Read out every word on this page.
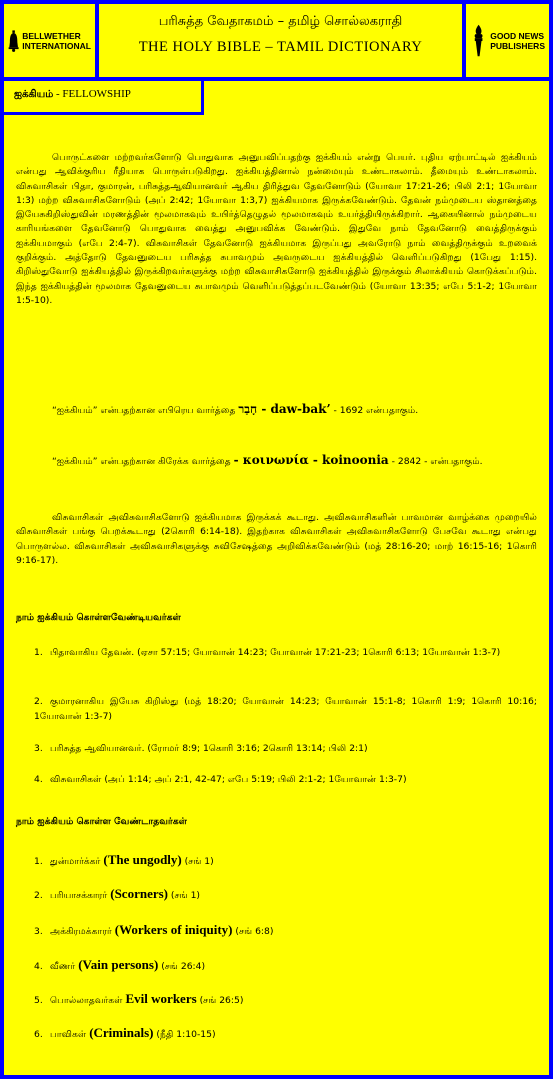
BELLWETHER
INTERNATIONAL
பரிசுத்த வேதாகமம் – தமிழ் சொல்லகராதி
THE HOLY BIBLE – TAMIL DICTIONARY
GOOD NEWS
PUBLISHERS
ஐக்கியம் - FELLOWSHIP

பொருட்களை மற்றவர்களோடு பொதுவாக அனுபவிப்பதற்கு ஐக்கியம் என்று பெயர். புதிய ஏற்பாட்டில் ஐக்கியம் என்பது ஆவிக்குரிய ரீதியாக பொருள்படுகிறது. ஐக்கியத்தினால் நன்மையும் உண்டாகலாம். தீமையும் உண்டாகலாம். விசுவாசிகள் பிதா, குமாரன், பரிசுத்தஆவியானவர் ஆகிய திரித்துவ தேவனோடும் (யோவா 17:21-26; பிலி 2:1; 1யோவா 1:3) மற்ற விசுவாசிகளோடும் (அப் 2:42; 1யோவா 1:3,7) ஐக்கியமாக இருக்கவேண்டும். தேவன் நம்முடைய ஸ்தானத்தை இயேசுகிறிஸ்துவின் மரணத்தின் மூலமாகவும் உயிர்த்தெழுதல் மூலமாகவும் உயர்த்தியிருக்கிறார். ஆகையினால் நம்முடைய காரியங்களை தேவனோடு பொதுவாக வைத்து அனுபவிக்க வேண்டும். இதுவே நாம் தேவனோடு வைத்திருக்கும் ஐக்கியமாகும் (எபே 2:4-7). விசுவாசிகள் தேவனோடு ஐக்கியமாக இருப்பது அவரோடு நாம் வைத்திருக்கும் உறவைக் குறிக்கும். அத்தோடு தேவனுடைய பரிசுத்த சுபாவமும் அவருடைய ஐக்கியத்தில் வெளிப்படுகிறது (1பேது 1:15). கிறிஸ்துவோடு ஐக்கியத்தில் இருக்கிறவர்களுக்கு மற்ற விசுவாசிகளோடு ஐக்கியத்தில் இருக்கும் சிலாக்கியம் கொடுக்கப்படும். இந்த ஐக்கியத்தின் மூலமாக தேவனுடைய சுபாவமும் வெளிப்படுத்தப்படவேண்டும் (யோவா 13:35; எபே 5:1-2; 1யோவா 1:5-10).

“ஐக்கியம்” என்பதற்கான எபிரெய வார்த்தை חָבַר - daw-bak’ - 1692 என்பதாகும்.

“ஐக்கியம்” என்பதற்கான கிரேக்க வார்த்தை - κοινωνία - koinoonia - 2842 - என்பதாகும்.

விசுவாசிகள் அவிசுவாசிகளோடு ஐக்கியமாக இருக்கக் கூடாது. அவிசுவாசிகளின் பாவமான வாழ்க்கை முறையில் விசுவாசிகள் பங்கு பெறக்கூடாது (2கொரி 6:14-18). இதற்காக விசுவாசிகள் அவிசுவாசிகளோடு பேசவே கூடாது என்பது பொருளல்ல. விசுவாசிகள் அவிசுவாசிகளுக்கு சுவிசேஷத்தை அறிவிக்கவேண்டும் (மத் 28:16-20; மாற் 16:15-16; 1கொரி 9:16-17).

நாம் ஐக்கியம் கொள்ளவேண்டியவர்கள்
1. பிதாவாகிய தேவன். (ஏசா 57:15; யோவான் 14:23; யோவான் 17:21-23; 1கொரி 6:13; 1யோவான் 1:3-7)
2. குமாரனாகிய இயேசு கிறிஸ்து (மத் 18:20; யோவான் 14:23; யோவான் 15:1-8; 1கொரி 1:9; 1கொரி 10:16; 1யோவான் 1:3-7)
3. பரிசுத்த ஆவியானவர். (ரோமர் 8:9; 1கொரி 3:16; 2கொரி 13:14; பிலி 2:1)
4. விசுவாசிகள் (அப் 1:14; அப் 2:1, 42-47; எபே 5:19; பிலி 2:1-2; 1யோவான் 1:3-7)
நாம் ஐக்கியம் கொள்ள வேண்டாதவர்கள்
1. துன்மார்க்கர் (The ungodly) (சங் 1)
2. பரியாசக்காரர் (Scorners) (சங் 1)
3. அக்கிரமக்காரர் (Workers of iniquity) (சங் 6:8)
4. வீணர் (Vain persons) (சங் 26:4)
5. பொல்லாதவர்கள் Evil workers (சங் 26:5)
6. பாவிகள் (Criminals) (நீதி 1:10-15)
